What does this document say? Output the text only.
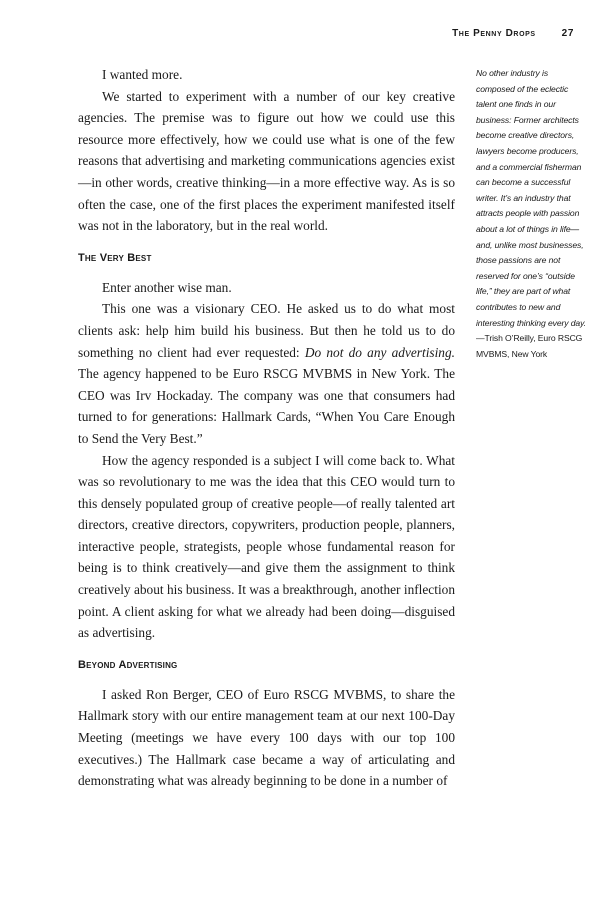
The Penny Drops	27

I wanted more.

We started to experiment with a number of our key creative agencies. The premise was to figure out how we could use this resource more effectively, how we could use what is one of the few reasons that advertising and marketing communications agencies exist—in other words, creative thinking—in a more effective way. As is so often the case, one of the first places the experiment manifested itself was not in the laboratory, but in the real world.

The Very Best

Enter another wise man.

This one was a visionary CEO. He asked us to do what most clients ask: help him build his business. But then he told us to do something no client had ever requested: Do not do any advertising. The agency happened to be Euro RSCG MVBMS in New York. The CEO was Irv Hockaday. The company was one that consumers had turned to for generations: Hallmark Cards, “When You Care Enough to Send the Very Best.”

How the agency responded is a subject I will come back to. What was so revolutionary to me was the idea that this CEO would turn to this densely populated group of creative people—of really talented art directors, creative directors, copywriters, production people, planners, interactive people, strategists, people whose fundamental reason for being is to think creatively—and give them the assignment to think creatively about his business. It was a breakthrough, another inflection point. A client asking for what we already had been doing—disguised as advertising.

Beyond Advertising

I asked Ron Berger, CEO of Euro RSCG MVBMS, to share the Hallmark story with our entire management team at our next 100-Day Meeting (meetings we have every 100 days with our top 100 executives.) The Hallmark case became a way of articulating and demonstrating what was already beginning to be done in a number of

No other industry is composed of the eclectic talent one finds in our business: Former architects become creative directors, lawyers become producers, and a commercial fisherman can become a successful writer. It’s an industry that attracts people with passion about a lot of things in life—and, unlike most businesses, those passions are not reserved for one’s “outside life,” they are part of what contributes to new and interesting thinking every day.
—Trish O’Reilly, Euro RSCG MVBMS, New York
